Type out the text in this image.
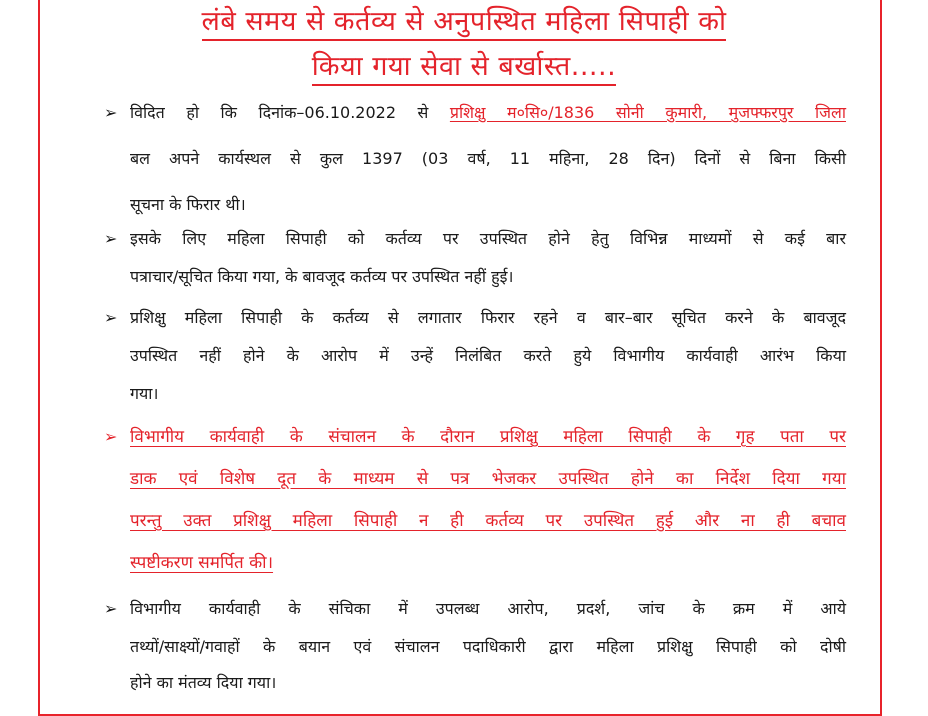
लंबे समय से कर्तव्य से अनुपस्थित महिला सिपाही को
किया गया सेवा से बर्खास्त.....
➢ विदित हो कि दिनांक–06.10.2022 से प्रशिक्षु म०सि०/1836 सोनी कुमारी, मुजफ्फरपुर जिला
बल अपने कार्यस्थल से कुल 1397 (03 वर्ष, 11 महिना, 28 दिन) दिनों से बिना किसी
सूचना के फिरार थी।
➢ इसके लिए महिला सिपाही को कर्तव्य पर उपस्थित होने हेतु विभिन्न माध्यमों से कई बार
पत्राचार/सूचित किया गया, के बावजूद कर्तव्य पर उपस्थित नहीं हुई।
➢ प्रशिक्षु महिला सिपाही के कर्तव्य से लगातार फिरार रहने व बार–बार सूचित करने के बावजूद
उपस्थित नहीं होने के आरोप में उन्हें निलंबित करते हुये विभागीय कार्यवाही आरंभ किया
गया।
➢ विभागीय कार्यवाही के संचालन के दौरान प्रशिक्षु महिला सिपाही के गृह पता पर
डाक एवं विशेष दूत के माध्यम से पत्र भेजकर उपस्थित होने का निर्देश दिया गया
परन्तु उक्त प्रशिक्षु महिला सिपाही न ही कर्तव्य पर उपस्थित हुई और ना ही बचाव
स्पष्टीकरण समर्पित की।
➢ विभागीय कार्यवाही के संचिका में उपलब्ध आरोप, प्रदर्श, जांच के क्रम में आये
तथ्यों/साक्ष्यों/गवाहों के बयान एवं संचालन पदाधिकारी द्वारा महिला प्रशिक्षु सिपाही को दोषी
होने का मंतव्य दिया गया।
